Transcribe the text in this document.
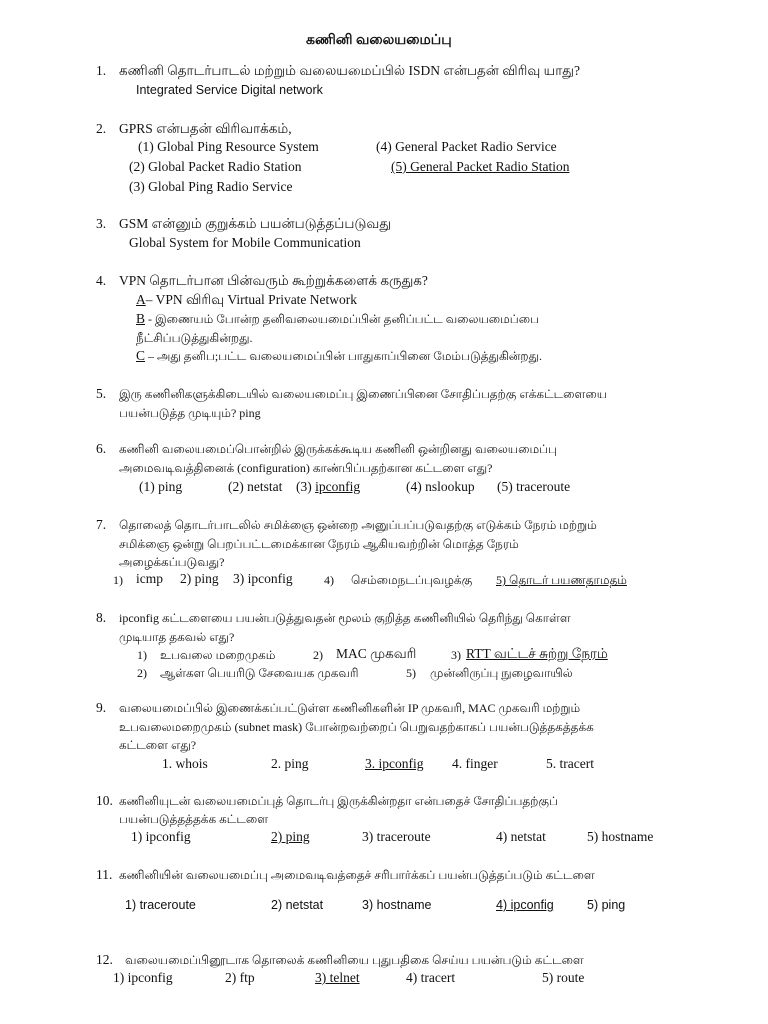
கணினி வலையமைப்பு
1. கணினி தொடர்பாடல் மற்றும் வலையமைப்பில் ISDN என்பதன் விரிவு யாது?
Integrated Service Digital network
2. GPRS என்பதன் விரிவாக்கம்,
(1) Global Ping Resource System	(4) General Packet Radio Service
(2) Global Packet Radio Station	(5) General Packet Radio Station
(3) Global Ping Radio Service
3. GSM என்னும் குறுக்கம் பயன்படுத்தப்படுவது
Global System for Mobile Communication
4. VPN தொடர்பான பின்வரும் கூற்றுக்களைக் கருதுக?
A– VPN விரிவு Virtual Private Network
B - இணையம் போன்ற தனிவலையமைப்பின் தனிப்பட்ட வலையமைப்பை
நீட்சிப்படுத்துகின்றது.
C – அது தனிப;பட்ட வலையமைப்பின் பாதுகாப்பினை மேம்படுத்துகின்றது.
5. இரு கணினிகளுக்கிடையில் வலையமைப்பு இணைப்பினை சோதிப்பதற்கு எக்கட்டளையை
பயன்படுத்த முடியும்? ping
6. கணினி வலையமைப்பொன்றில் இருக்கக்கூடிய கணினி ஒன்றினது வலையமைப்பு
அமைவடிவத்தினைக் (configuration) காண்பிப்பதற்கான கட்டளை எது?
(1) ping	(2) netstat (3) ipconfig	(4) nslookup (5) traceroute
7. தொலைத் தொடர்பாடலில் சமிக்ஞை ஒன்றை அனுப்பப்படுவதற்கு எடுக்கம் நேரம் மற்றும்
சமிக்ஞை ஒன்று பெறப்பட்டமைக்கான நேரம் ஆகியவற்றின் மொத்த நேரம்
அழைக்கப்படுவது?
1) icmp 2) ping 3) ipconfig	4) செம்மைநடப்புவழக்கு 5) தொடர் பயணதாமதம்
8. ipconfig கட்டளையை பயன்படுத்துவதன் மூலம் குறித்த கணினியில் தெரிந்து கொள்ள
முடியாத தகவல் எது?
1) உபவலை மறைமுகம்	2) MAC முகவரி	3) RTT வட்டச் சுற்று நேரம்
2) ஆள்கள பெயரிடு சேவையக முகவரி	5) முன்னிருப்பு நுழைவாயில்
9. வலையமைப்பில் இணைக்கப்பட்டுள்ள கணினிகளின் IP முகவரி, MAC முகவரி மற்றும்
உபவலைமறைமுகம் (subnet mask) போன்றவற்றைப் பெறுவதற்காகப் பயன்படுத்தகத்தக்க
கட்டளை எது?
1. whois	2. ping	3. ipconfig 4. finger	5. tracert
10. கணினியுடன் வலையமைப்புத் தொடர்பு இருக்கின்றதா என்பதைச் சோதிப்பதற்குப்
பயன்படுத்தத்தக்க கட்டளை
1) ipconfig	2) ping	3) traceroute	4) netstat	5) hostname
11. கணினியின் வலையமைப்பு அமைவடிவத்தைச் சரிபார்க்கப் பயன்படுத்தப்படும் கட்டளை
1) traceroute	2) netstat	3) hostname	4) ipconfig	5) ping
12. வலையமைப்பினூடாக தொலைக் கணினியை புதுபதிகை செய்ய பயன்படும் கட்டளை
1) ipconfig	2) ftp	3) telnet	4) tracert	5) route
